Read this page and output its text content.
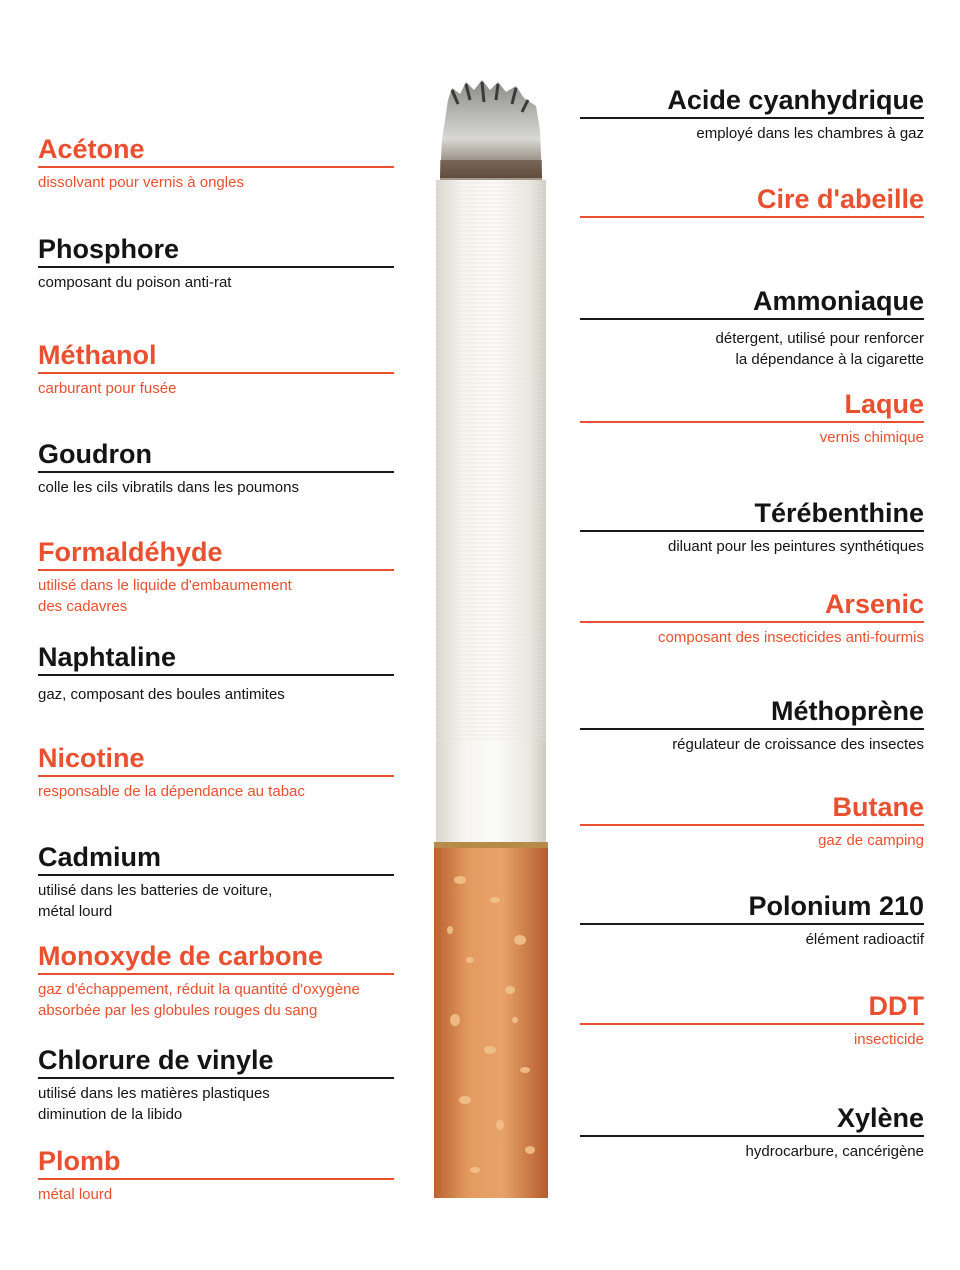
Acétone
dissolvant pour vernis à ongles
Phosphore
composant du poison anti-rat
Méthanol
carburant pour fusée
Goudron
colle les cils vibratils dans les poumons
Formaldéhyde
utilisé dans le liquide d'embaumement
des cadavres
Naphtaline
gaz, composant des boules antimites
Nicotine
responsable de la dépendance au tabac
Cadmium
utilisé dans les batteries de voiture,
métal lourd
Monoxyde de carbone
gaz d'échappement, réduit la quantité d'oxygène
absorbée par les globules rouges du sang
Chlorure de vinyle
utilisé dans les matières plastiques
diminution de la libido
Plomb
métal lourd
Acide cyanhydrique
employé dans les chambres à gaz
Cire d'abeille
Ammoniaque
détergent, utilisé pour renforcer
la dépendance à la cigarette
Laque
vernis chimique
Térébenthine
diluant pour les peintures synthétiques
Arsenic
composant des insecticides anti-fourmis
Méthoprène
régulateur de croissance des insectes
Butane
gaz de camping
Polonium 210
élément radioactif
DDT
insecticide
Xylène
hydrocarbure, cancérigène
